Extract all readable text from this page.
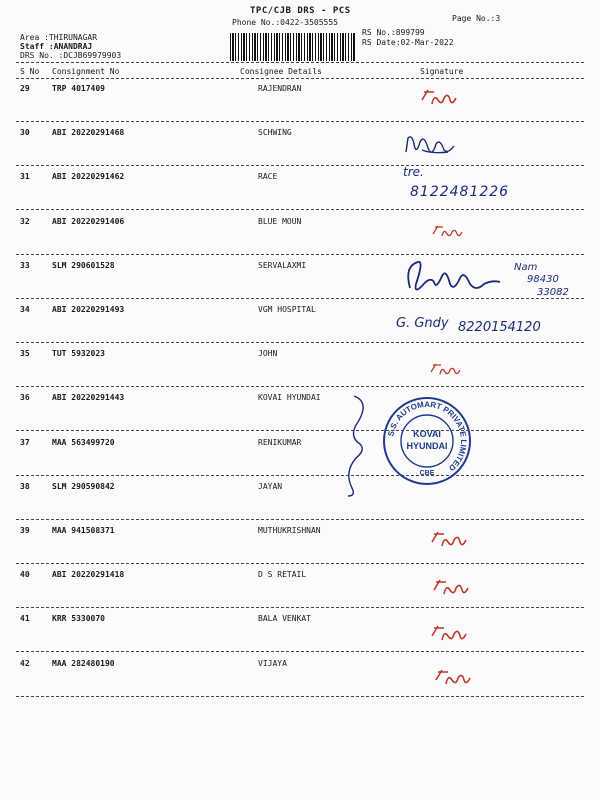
TPC/CJB DRS - PCS
Phone No.:0422-3505555	Page No.:3
RS No.:899799
RS Date:02-Mar-2022
Area :THIRUNAGAR
Staff :ANANDRAJ
DRS No. :DCJB69979903
S No Consignment No	Consignee Details	Signature
29	TRP 4017409	RAJENDRAN
30	ABI 20220291468	SCHWING
31	ABI 20220291462	RACE
32	ABI 20220291406	BLUE MOUN
33	SLM 290601528	SERVALAXMI
34	ABI 20220291493	VGM HOSPITAL
35	TUT 5932023	JOHN
36	ABI 20220291443	KOVAI HYUNDAI
37	MAA 563499720	RENIKUMAR
38	SLM 290590842	JAYAN
39	MAA 941508371	MUTHUKRISHNAN
40	ABI 20220291418	D S RETAIL
41	KRR 5330070	BALA VENKAT
42	MAA 282480190	VIJAYA
tre.
8122481226
Nam
98430
33082
G. Gndy 8220154120
S.S. AUTOMART PRIVATE LIMITED
KOVAI
HYUNDAI
CBE
